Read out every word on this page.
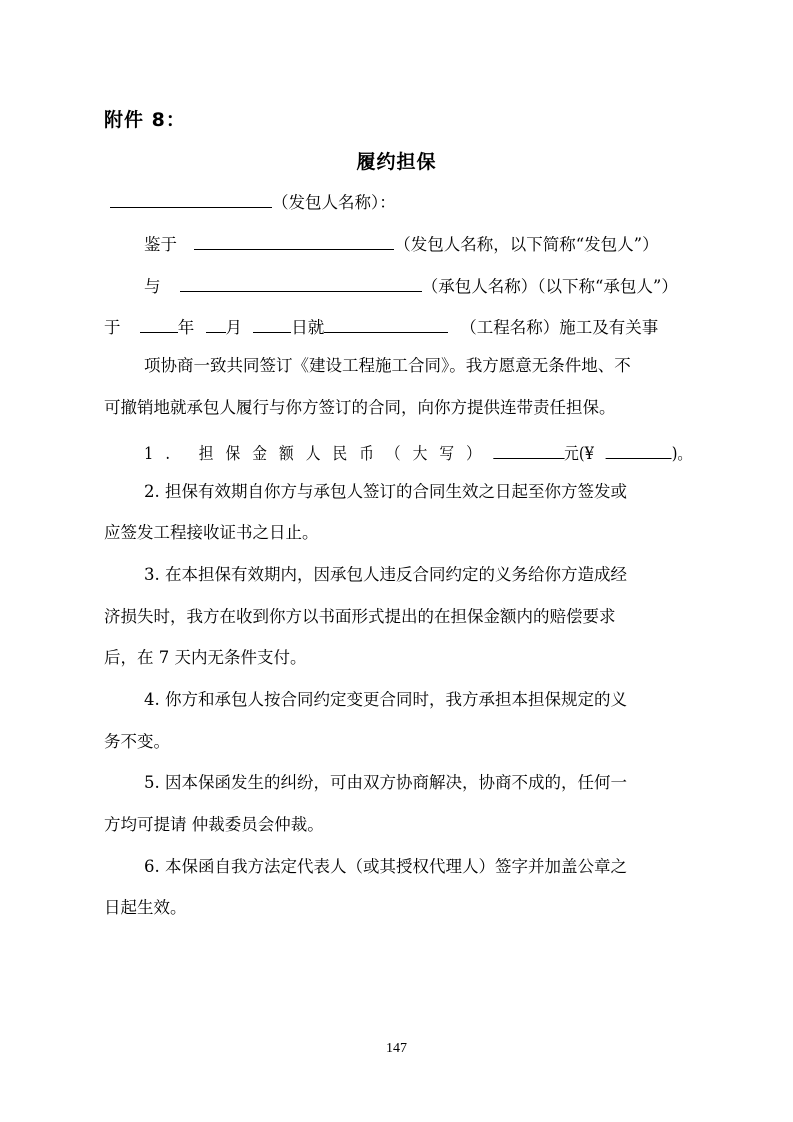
附件 8：
履约担保
（发包人名称）：
鉴于	（发包人名称，以下简称“发包人”）
与	（承包人名称）（以下称“承包人”）
于	年 月	日就	（工程名称）施工及有关事
项协商一致共同签订《建设工程施工合同》。我方愿意无条件地、不
可撤销地就承包人履行与你方签订的合同，向你方提供连带责任担保。
1. 担保金额人民币（大写）	元(¥	)。
2. 担保有效期自你方与承包人签订的合同生效之日起至你方签发或
应签发工程接收证书之日止。
3. 在本担保有效期内，因承包人违反合同约定的义务给你方造成经
济损失时，我方在收到你方以书面形式提出的在担保金额内的赔偿要求
后，在 7 天内无条件支付。
4. 你方和承包人按合同约定变更合同时，我方承担本担保规定的义
务不变。
5. 因本保函发生的纠纷，可由双方协商解决，协商不成的，任何一
方均可提请 仲裁委员会仲裁。
6. 本保函自我方法定代表人（或其授权代理人）签字并加盖公章之
日起生效。
147
